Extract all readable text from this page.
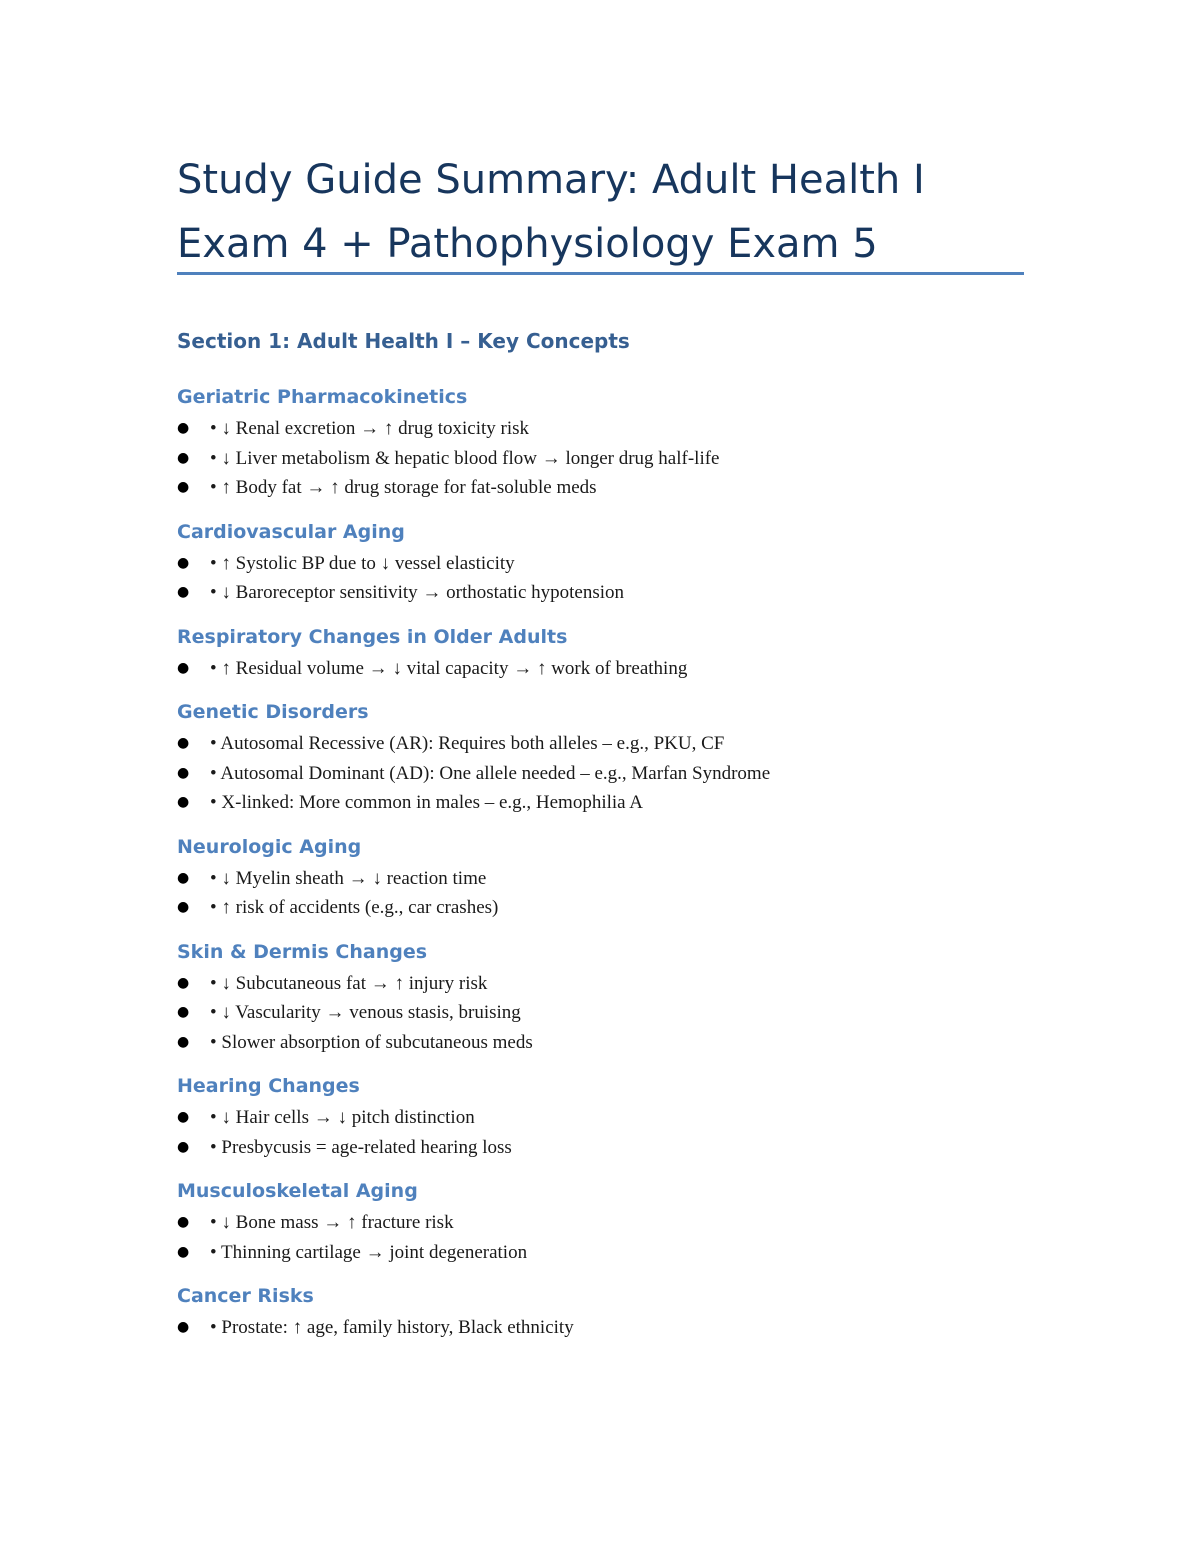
Study Guide Summary: Adult Health I
Exam 4 + Pathophysiology Exam 5
Section 1: Adult Health I – Key Concepts
Geriatric Pharmacokinetics
● • ↓ Renal excretion → ↑ drug toxicity risk
● • ↓ Liver metabolism & hepatic blood flow → longer drug half-life
● • ↑ Body fat → ↑ drug storage for fat-soluble meds
Cardiovascular Aging
● • ↑ Systolic BP due to ↓ vessel elasticity
● • ↓ Baroreceptor sensitivity → orthostatic hypotension
Respiratory Changes in Older Adults
● • ↑ Residual volume → ↓ vital capacity → ↑ work of breathing
Genetic Disorders
● • Autosomal Recessive (AR): Requires both alleles – e.g., PKU, CF
● • Autosomal Dominant (AD): One allele needed – e.g., Marfan Syndrome
● • X-linked: More common in males – e.g., Hemophilia A
Neurologic Aging
● • ↓ Myelin sheath → ↓ reaction time
● • ↑ risk of accidents (e.g., car crashes)
Skin & Dermis Changes
● • ↓ Subcutaneous fat → ↑ injury risk
● • ↓ Vascularity → venous stasis, bruising
● • Slower absorption of subcutaneous meds
Hearing Changes
● • ↓ Hair cells → ↓ pitch distinction
● • Presbycusis = age-related hearing loss
Musculoskeletal Aging
● • ↓ Bone mass → ↑ fracture risk
● • Thinning cartilage → joint degeneration
Cancer Risks
● • Prostate: ↑ age, family history, Black ethnicity
